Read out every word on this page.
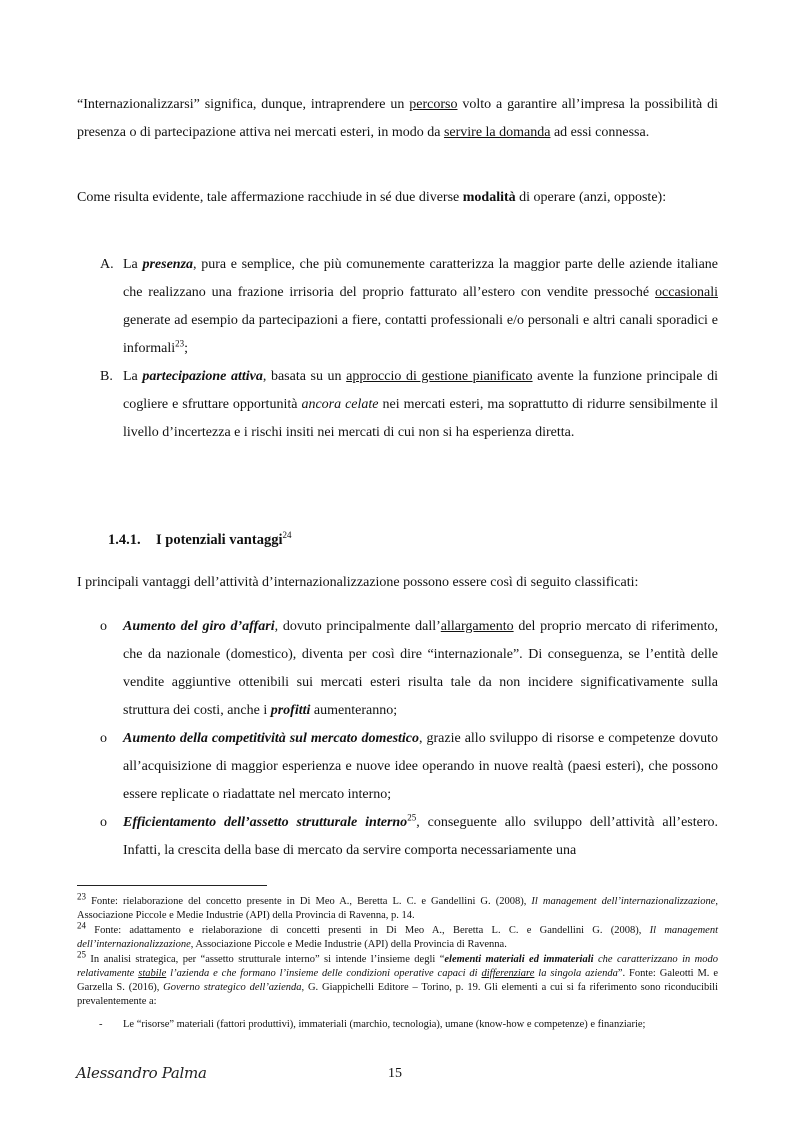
“Internazionalizzarsi” significa, dunque, intraprendere un percorso volto a garantire all’impresa la possibilità di presenza o di partecipazione attiva nei mercati esteri, in modo da servire la domanda ad essi connessa.

Come risulta evidente, tale affermazione racchiude in sé due diverse modalità di operare (anzi, opposte):

A. La presenza, pura e semplice, che più comunemente caratterizza la maggior parte delle aziende italiane che realizzano una frazione irrisoria del proprio fatturato all’estero con vendite pressoché occasionali generate ad esempio da partecipazioni a fiere, contatti professionali e/o personali e altri canali sporadici e informali$^{23}$;
B. La partecipazione attiva, basata su un approccio di gestione pianificato avente la funzione principale di cogliere e sfruttare opportunità ancora celate nei mercati esteri, ma soprattutto di ridurre sensibilmente il livello d’incertezza e i rischi insiti nei mercati di cui non si ha esperienza diretta.
1.4.1. I potenziali vantaggi$^{24}$

I principali vantaggi dell’attività d’internazionalizzazione possono essere così di seguito classificati:

o Aumento del giro d’affari, dovuto principalmente dall’allargamento del proprio mercato di riferimento, che da nazionale (domestico), diventa per così dire “internazionale”. Di conseguenza, se l’entità delle vendite aggiuntive ottenibili sui mercati esteri risulta tale da non incidere significativamente sulla struttura dei costi, anche i profitti aumenteranno;
o Aumento della competitività sul mercato domestico, grazie allo sviluppo di risorse e competenze dovuto all’acquisizione di maggior esperienza e nuove idee operando in nuove realtà (paesi esteri), che possono essere replicate o riadattate nel mercato interno;
o Efficientamento dell’assetto strutturale interno$^{25}$, conseguente allo sviluppo dell’attività all’estero. Infatti, la crescita della base di mercato da servire comporta necessariamente una

$^{23}$ Fonte: rielaborazione del concetto presente in Di Meo A., Beretta L. C. e Gandellini G. (2008), Il management dell’internazionalizzazione, Associazione Piccole e Medie Industrie (API) della Provincia di Ravenna, p. 14.

$^{24}$ Fonte: adattamento e rielaborazione di concetti presenti in Di Meo A., Beretta L. C. e Gandellini G. (2008), Il management dell’internazionalizzazione, Associazione Piccole e Medie Industrie (API) della Provincia di Ravenna.

$^{25}$ In analisi strategica, per “assetto strutturale interno” si intende l’insieme degli “elementi materiali ed immateriali che caratterizzano in modo relativamente stabile l’azienda e che formano l’insieme delle condizioni operative capaci di differenziare la singola azienda”. Fonte: Galeotti M. e Garzella S. (2016), Governo strategico dell’azienda, G. Giappichelli Editore – Torino, p. 19. Gli elementi a cui si fa riferimento sono riconducibili prevalentemente a:

-	Le “risorse” materiali (fattori produttivi), immateriali (marchio, tecnologia), umane (know-how e competenze) e finanziarie;
Alessandro Palma	15
